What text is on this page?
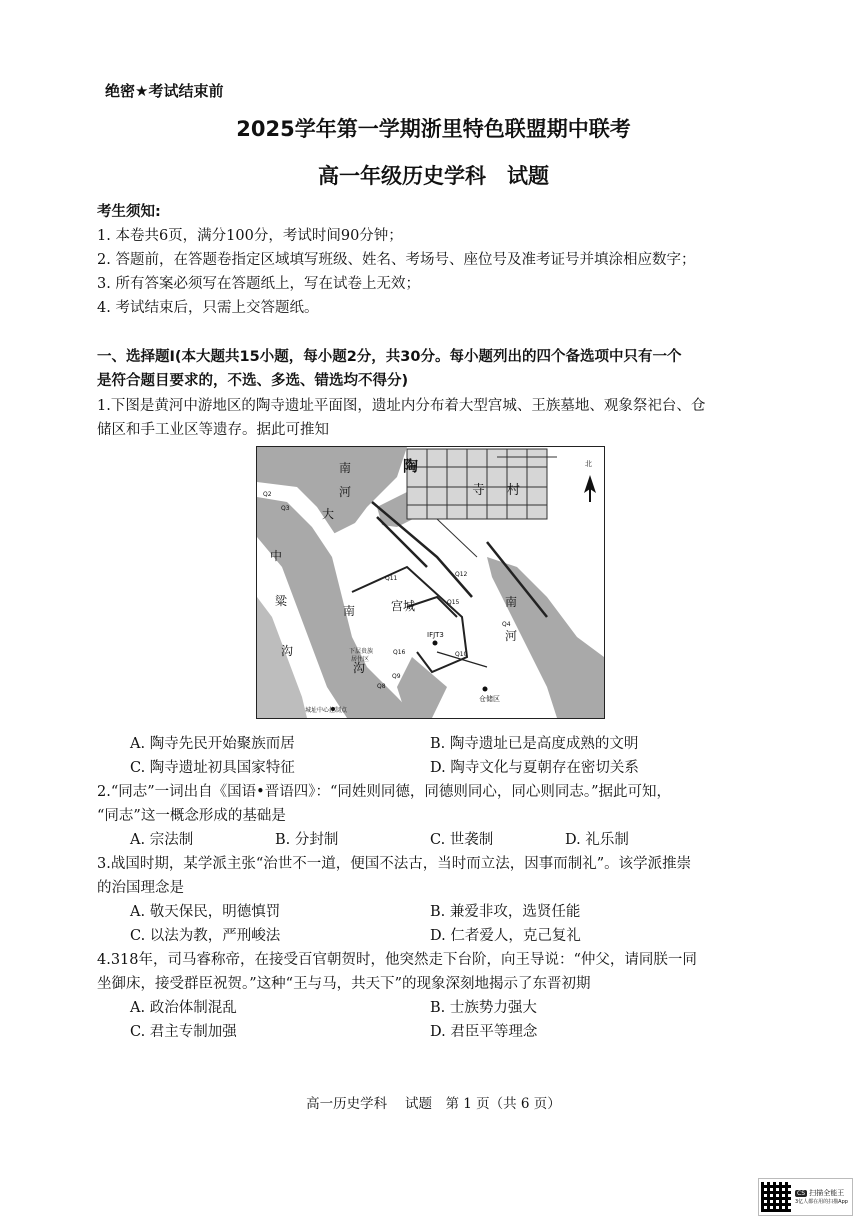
绝密★考试结束前
2025学年第一学期浙里特色联盟期中联考
高一年级历史学科　试题
考生须知:
1. 本卷共6页，满分100分，考试时间90分钟；
2. 答题前，在答题卷指定区域填写班级、姓名、考场号、座位号及准考证号并填涂相应数字；
3. 所有答案必须写在答题纸上，写在试卷上无效；
4. 考试结束后，只需上交答题纸。
一、选择题Ⅰ(本大题共15小题，每小题2分，共30分。每小题列出的四个备选项中只有一个
是符合题目要求的，不选、多选、错选均不得分)
1.下图是黄河中游地区的陶寺遗址平面图，遗址内分布着大型宫城、王族墓地、观象祭祀台、仓
储区和手工业区等遗存。据此可推知
陶
寺 村
南
河
大
中
粱
沟
南	宫城	南
河
沟
IFJT3
仓储区
下层贵族
居住区
北
城址中心控制点
Q2
Q3
Q11
Q12
Q15
Q4
Q10
Q16
Q9
Q8
A. 陶寺先民开始聚族而居	B. 陶寺遗址已是高度成熟的文明
C. 陶寺遗址初具国家特征	D. 陶寺文化与夏朝存在密切关系
2.“同志”一词出自《国语•晋语四》：“同姓则同德，同德则同心，同心则同志。”据此可知，
“同志”这一概念形成的基础是
A. 宗法制	B. 分封制	C. 世袭制	D. 礼乐制
3.战国时期，某学派主张“治世不一道，便国不法古，当时而立法，因事而制礼”。该学派推崇
的治国理念是
A. 敬天保民，明德慎罚	B. 兼爱非攻，选贤任能
C. 以法为教，严刑峻法	D. 仁者爱人，克己复礼
4.318年，司马睿称帝，在接受百官朝贺时，他突然走下台阶，向王导说：“仲父，请同朕一同
坐御床，接受群臣祝贺。”这种“王与马，共天下”的现象深刻地揭示了东晋初期
A. 政治体制混乱	B. 士族势力强大
C. 君主专制加强	D. 君臣平等理念
高一历史学科　 试题　第 1 页（共 6 页）
CS 扫描全能王
3亿人都在用的扫描App
